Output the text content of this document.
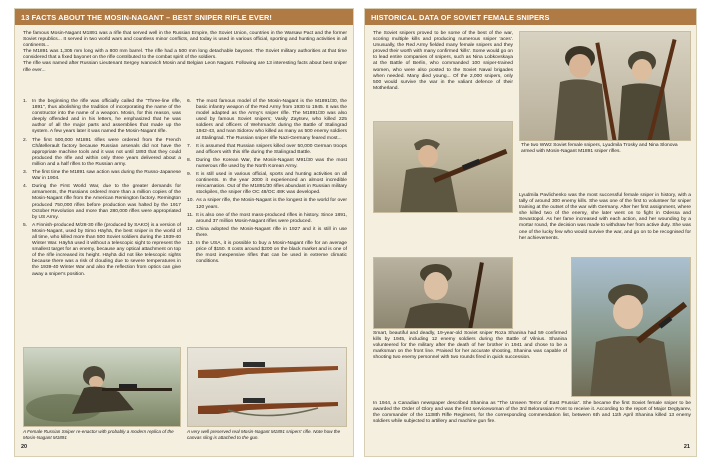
13 FACTS ABOUT THE MOSIN-NAGANT – BEST SNIPER RIFLE EVER!

The famous Mosin-Nagant M1891 was a rifle that served well in the Russian Empire, the Soviet Union, countries in the Warsaw Pact and the former Soviet republics... It served in two world wars and countless minor conflicts, and today is used in various official, sporting and hunting activities in all continents...

The M1891 was 1,305 mm long with a 800 mm barrel. The rifle had a 500 mm long detachable bayonet. The Soviet military authorities at that time considered that a fixed bayonet on the rifle contributed to the combat spirit of the soldiers.

The rifle was named after Russian Lieutenant Sergey Ivanovich Mosin and Belgian Leon Nagant. Following are 13 interesting facts about best sniper rifle ever...

1.	In the beginning the rifle was officially called the "Three-line rifle, 1891", thus abolishing the tradition of incorporating the name of the constructor into the name of a weapon. Mosin, for this reason, was deeply offended and in his letters, he emphasized that he was author of all the major parts and assemblies that made up the system. A few years later it was named the Mosin-Nagant rifle.
2.	The first 500,000 M1891 rifles were ordered from the French Châtellerault factory because Russian arsenals did not have the appropriate machine tools and it was not until 1893 that they could produced the rifle and within only three years delivered about a million and a half rifles to the Russian army.
3.	The first time the M1891 saw action was during the Russo-Japanese War in 1904.
4.	During the First World War, due to the greater demands for armaments, the Russians ordered more than a million copies of the Mosin-Nagant rifle from the American Remington factory. Remington produced 750,000 rifles before production was halted by the 1917 October Revolution and more than 280,000 rifles were appropriated by US Army.
5.	A Finnish-produced M/28-30 rifle (produced by SAKO) is a version of Mosin-Nagant, used by Simo Häyhä, the best sniper in the world of all time, who killed more than 500 Soviet soldiers during the 1939-40 Winter War. Häyhä used it without a telescopic sight to represent the smallest target for an enemy, because any optical attachment on top of the rifle increased its height. Häyhä did not like telescopic sights because there was a risk of clouding due to severe temperatures in the 1939-40 Winter War and also the reflection from optics can give away a sniper's position.
6.	The most famous model of the Mosin-Nagant is the M1891/30, the basic infantry weapon of the Red Army from 1930 to 1945. It was the model adapted as the Army's sniper rifle. The M1891/30 was also used by famous Soviet snipers; Vasily Zaytsev, who killed 225 soldiers and officers of Wehrmacht during the Battle of Stalingrad 1942-43, and Ivan Sidorov who killed as many as 500 enemy soldiers at Stalingrad. The Russian sniper rifle Nazi-Germany feared most...
7.	It is assumed that Russian snipers killed over 50,000 German troops and officers with this rifle during the Stalingrad Battle.
8.	During the Korean War, the Mosin-Nagant M91/30 was the most numerous rifle used by the North Korean Army.
9.	It is still used in various official, sports and hunting activities on all continents. In the year 2000 it experienced an almost incredible reincarnation. Out of the M1891/30 rifles abundant in Russian military stockpiles, the sniper rifle OC 48/OC 48K was developed.
10. As a sniper rifle, the Mosin-Nagant is the longest in the world for over 120 years.
11. It is also one of the most mass-produced rifles in history. Since 1891, around 37 million Mosin-Nagant rifles were produced.
12. China adopted the Mosin-Nagant rifle in 1927 and it is still in use there.
13. In the USA, it is possible to buy a Mosin-Nagant rifle for an average price of $150. It costs around $200 on the black market and is one of the most inexpensive rifles that can be used in extreme climatic conditions.
A Female Russian Sniper re-enactor with probably a modern replica of the Mosin-Nagant M1891
A very well preserved real Mosin-Nagant M1891 snipers' rifle. Note how the canvas sling is attached to the gun.
20
HISTORICAL DATA OF SOVIET FEMALE SNIPERS
The Soviet snipers proved to be some of the best of the war, scoring multiple kills and producing numerous sniper 'aces'. Unusually, the Red Army fielded many female snipers and they proved their worth with many confirmed 'kills'. Some would go on to lead entire companies of snipers, such as Nina Lobkovskaya at the Battle of Berlin, who commanded 100 sniper-trained women, who were also posted to the Soviet Naval brigades when needed. Many died young... Of the 2,000 snipers, only 500 would survive the war in the valiant defence of their Motherland.
The two WW2 Soviet female snipers, Lyudmila Trosky and Nina Slonova armed with Mosin-Nagant M1891 sniper rifles.
Lyudmila Pavlichenko was the most successful female sniper in history, with a tally of around 300 enemy kills. She was one of the first to volunteer for sniper training at the outset of the war with Germany. After her first assignment, where she killed two of the enemy, she later went on to fight in Odessa and Sevastopol. As her fame increased with each action, and her wounding by a mortar round, the decision was made to withdraw her from active duty. She was one of the lucky few who would survive the war, and go on to be recognised for her achievements.
Smart, beautiful and deadly, 19-year-old Soviet sniper Roza Shanina had 59 confirmed kills by 1945, including 12 enemy soldiers during the Battle of Vilnius. Shanina volunteered for the military after the death of her brother in 1941 and chose to be a marksman on the front line. Praised for her accurate shooting, Shanina was capable of shooting two enemy personnel with two rounds fired in quick succession.
In 1944, a Canadian newspaper described Shanina as "The Unseen Terror of East Prussia". She became the first Soviet female sniper to be awarded the Order of Glory and was the first servicewoman of the 3rd Belorussian Front to receive it. According to the report of Major Degtyarev, the commander of the 1138th Rifle Regiment, for the corresponding commendation list, between 6th and 11th April Shanina killed 13 enemy soldiers while subjected to artillery and machine gun fire.
21
